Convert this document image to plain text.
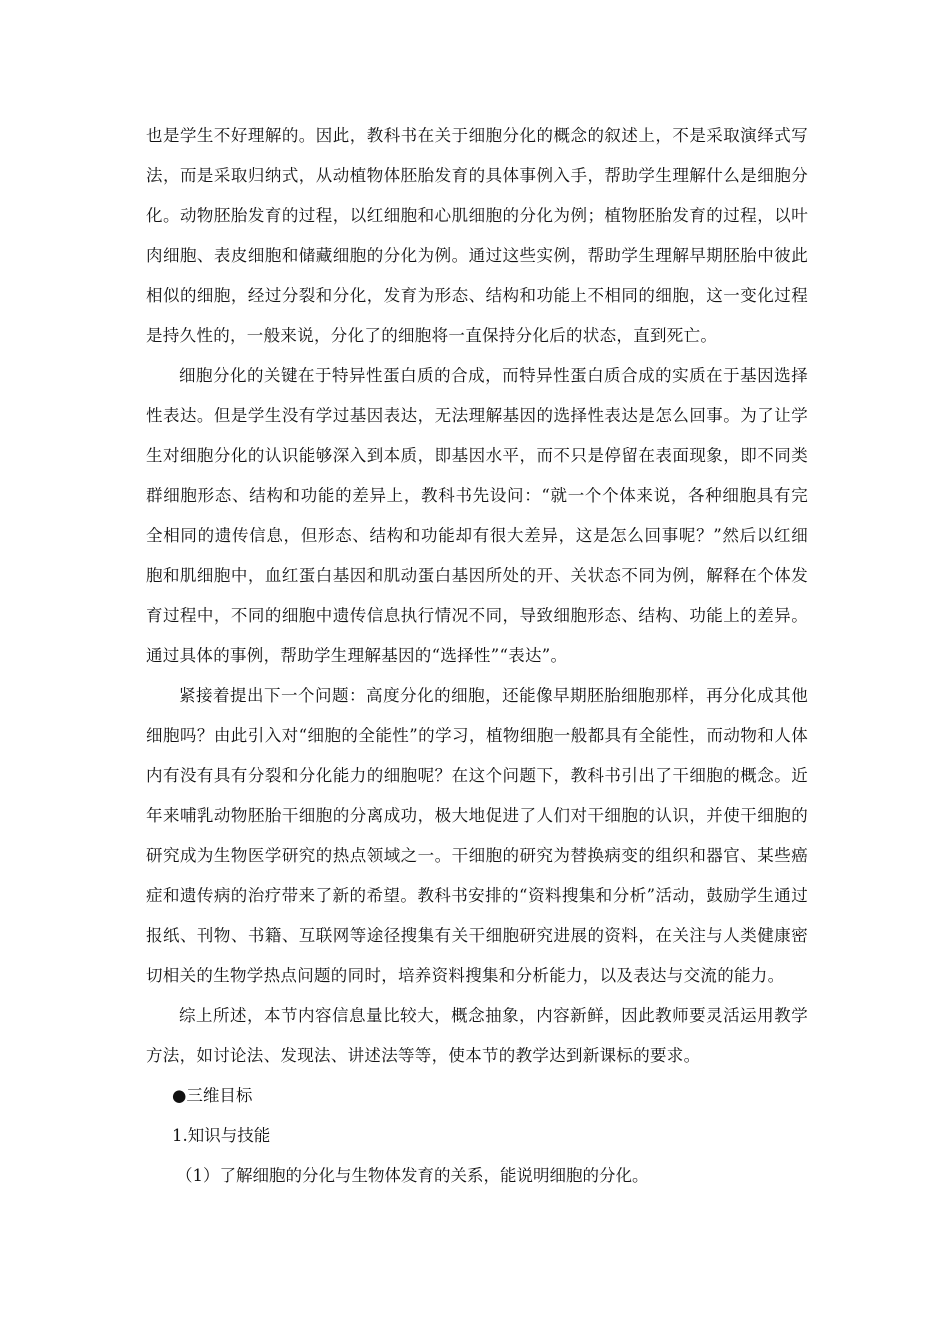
也是学生不好理解的。因此，教科书在关于细胞分化的概念的叙述上，不是采取演绎式写法，而是采取归纳式，从动植物体胚胎发育的具体事例入手，帮助学生理解什么是细胞分化。动物胚胎发育的过程，以红细胞和心肌细胞的分化为例；植物胚胎发育的过程，以叶肉细胞、表皮细胞和储藏细胞的分化为例。通过这些实例，帮助学生理解早期胚胎中彼此相似的细胞，经过分裂和分化，发育为形态、结构和功能上不相同的细胞，这一变化过程是持久性的，一般来说，分化了的细胞将一直保持分化后的状态，直到死亡。

细胞分化的关键在于特异性蛋白质的合成，而特异性蛋白质合成的实质在于基因选择性表达。但是学生没有学过基因表达，无法理解基因的选择性表达是怎么回事。为了让学生对细胞分化的认识能够深入到本质，即基因水平，而不只是停留在表面现象，即不同类群细胞形态、结构和功能的差异上，教科书先设问：“就一个个体来说，各种细胞具有完全相同的遗传信息，但形态、结构和功能却有很大差异，这是怎么回事呢？”然后以红细胞和肌细胞中，血红蛋白基因和肌动蛋白基因所处的开、关状态不同为例，解释在个体发育过程中，不同的细胞中遗传信息执行情况不同，导致细胞形态、结构、功能上的差异。通过具体的事例，帮助学生理解基因的“选择性”“表达”。

紧接着提出下一个问题：高度分化的细胞，还能像早期胚胎细胞那样，再分化成其他细胞吗？由此引入对“细胞的全能性”的学习，植物细胞一般都具有全能性，而动物和人体内有没有具有分裂和分化能力的细胞呢？在这个问题下，教科书引出了干细胞的概念。近年来哺乳动物胚胎干细胞的分离成功，极大地促进了人们对干细胞的认识，并使干细胞的研究成为生物医学研究的热点领域之一。干细胞的研究为替换病变的组织和器官、某些癌症和遗传病的治疗带来了新的希望。教科书安排的“资料搜集和分析”活动，鼓励学生通过报纸、刊物、书籍、互联网等途径搜集有关干细胞研究进展的资料，在关注与人类健康密切相关的生物学热点问题的同时，培养资料搜集和分析能力，以及表达与交流的能力。

综上所述，本节内容信息量比较大，概念抽象，内容新鲜，因此教师要灵活运用教学方法，如讨论法、发现法、讲述法等等，使本节的教学达到新课标的要求。

●三维目标

1.知识与技能

（1）了解细胞的分化与生物体发育的关系，能说明细胞的分化。
